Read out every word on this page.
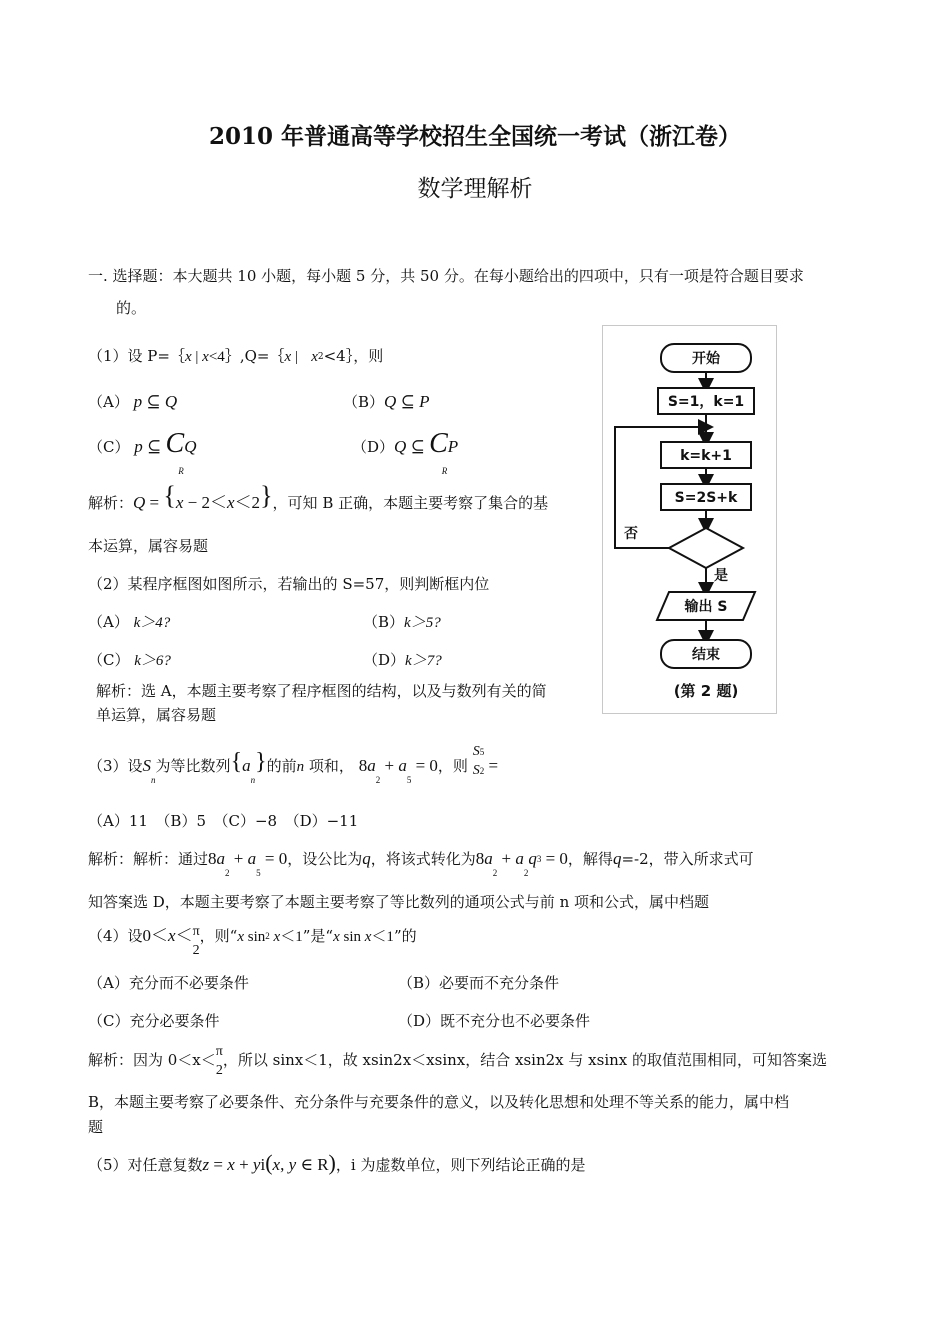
2010 年普通高等学校招生全国统一考试（浙江卷）
数学理解析
一. 选择题：本大题共 10 小题，每小题 5 分，共 50 分。在每小题给出的四项中，只有一项是符合题目要求
的。
（1）设 P=｛x | x<4｝,Q=｛x |   x2<4｝，则
（A） p ⊆ Q	（B）Q ⊆ P
（C） p ⊆ $C_RQ$	（D）Q ⊆ $C_RP$
解析：Q = {x − 2＜x＜2}，可知 B 正确，本题主要考察了集合的基
本运算，属容易题
（2）某程序框图如图所示，若输出的 S=57，则判断框内位
（A） k＞4?	（B）k＞5?
（C） k＞6?	（D）k＞7?
解析：选 A，本题主要考察了程序框图的结构，以及与数列有关的简
单运算，属容易题
开始
S=1，k=1
k=k+1
S=2S+k
否
是
输出 S
结束
(第 2 题)
（3）设$S_n$为等比数列$\{a_n\}$的前n 项和， $8a_2 + a_5 = 0$，则 S5
S2 =
（A）11　（B）5　（C）−8　（D）−11
解析：解析：通过$8a_2 + a_5 = 0$，设公比为q，将该式转化为$8a_2 + a_2q3 = 0$，解得q=-2，带入所求式可
知答案选 D，本题主要考察了本题主要考察了等比数列的通项公式与前 n 项和公式，属中档题
（4）设0＜x＜π
2，则“x sin2 x＜1”是“x sin x＜1”的
（A）充分而不必要条件	（B）必要而不充分条件
（C）充分必要条件	（D）既不充分也不必要条件
解析：因为 0＜x＜π
2，所以 sinx＜1，故 xsin2x＜xsinx，结合 xsin2x 与 xsinx 的取值范围相同，可知答案选
B，本题主要考察了必要条件、充分条件与充要条件的意义，以及转化思想和处理不等关系的能力，属中档
题
（5）对任意复数z = x + yi(x, y ∈ R)，i 为虚数单位，则下列结论正确的是
